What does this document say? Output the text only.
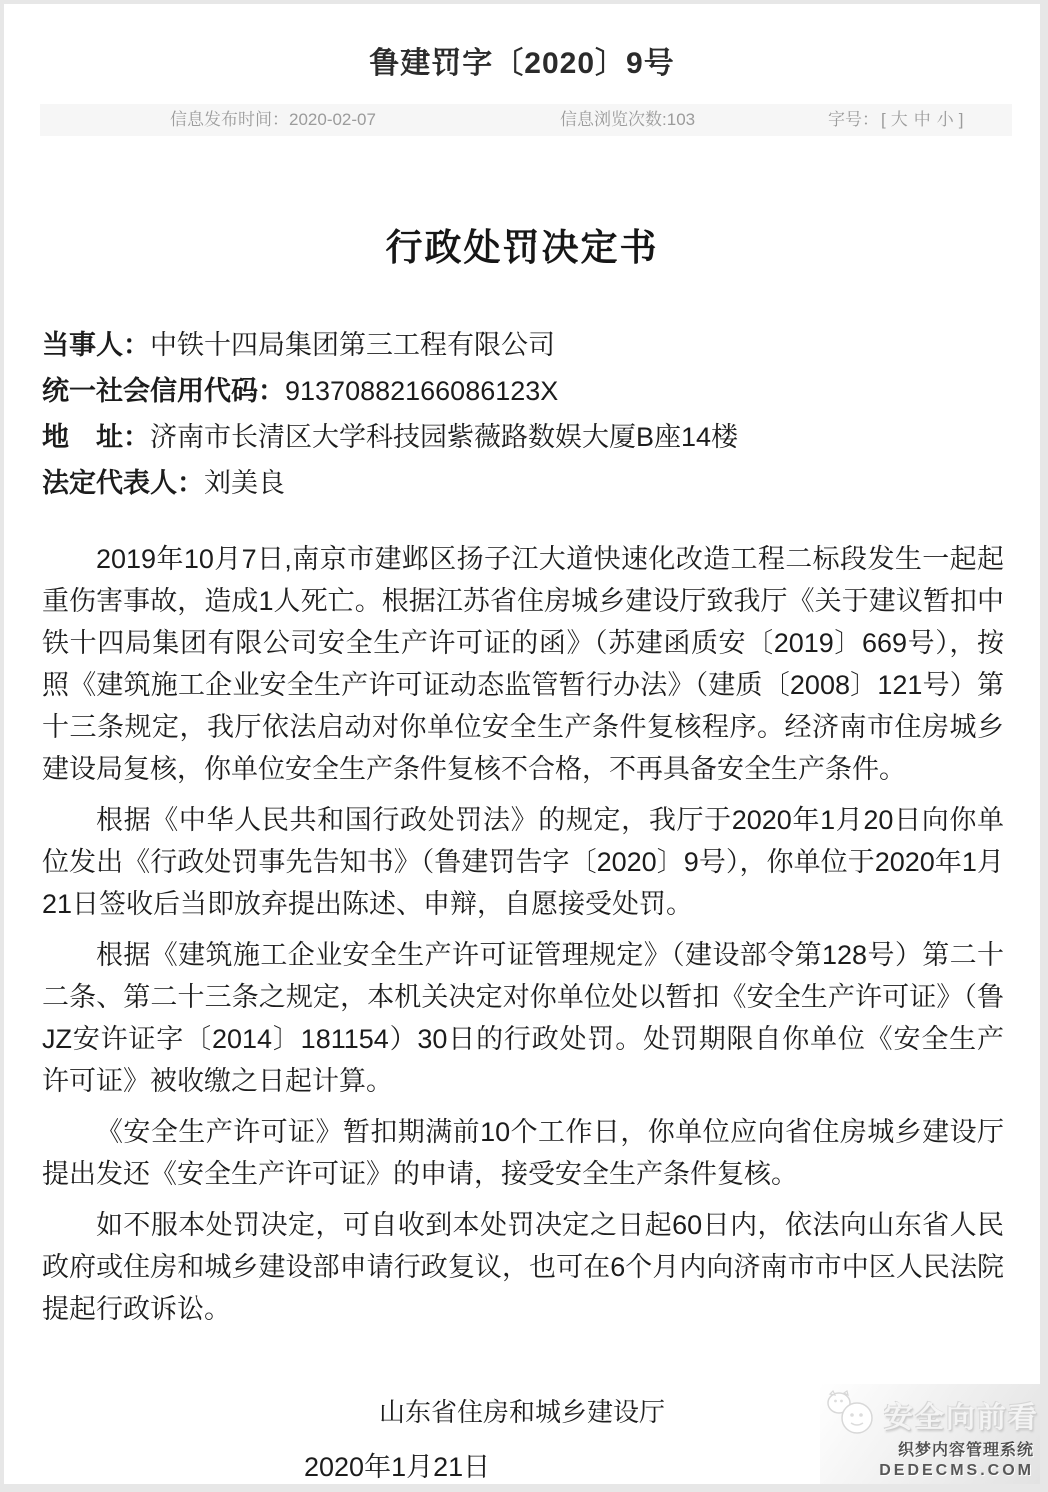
鲁建罚字〔2020〕9号
信息发布时间：2020-02-07	信息浏览次数:103	字号： [ 大 中 小 ]
行政处罚决定书
当事人：中铁十四局集团第三工程有限公司
统一社会信用代码：91370882166086123X
地　址：济南市长清区大学科技园紫薇路数娱大厦B座14楼
法定代表人：刘美良

2019年10月7日,南京市建邺区扬子江大道快速化改造工程二标段发生一起起重伤害事故，造成1人死亡。根据江苏省住房城乡建设厅致我厅《关于建议暂扣中铁十四局集团有限公司安全生产许可证的函》（苏建函质安〔2019〕669号），按照《建筑施工企业安全生产许可证动态监管暂行办法》（建质〔2008〕121号）第十三条规定，我厅依法启动对你单位安全生产条件复核程序。经济南市住房城乡建设局复核，你单位安全生产条件复核不合格，不再具备安全生产条件。

根据《中华人民共和国行政处罚法》的规定，我厅于2020年1月20日向你单位发出《行政处罚事先告知书》（鲁建罚告字〔2020〕9号），你单位于2020年1月21日签收后当即放弃提出陈述、申辩，自愿接受处罚。

根据《建筑施工企业安全生产许可证管理规定》（建设部令第128号）第二十二条、第二十三条之规定，本机关决定对你单位处以暂扣《安全生产许可证》（鲁JZ安许证字〔2014〕181154）30日的行政处罚。处罚期限自你单位《安全生产许可证》被收缴之日起计算。

《安全生产许可证》暂扣期满前10个工作日，你单位应向省住房城乡建设厅提出发还《安全生产许可证》的申请，接受安全生产条件复核。

如不服本处罚决定，可自收到本处罚决定之日起60日内，依法向山东省人民政府或住房和城乡建设部申请行政复议，也可在6个月内向济南市市中区人民法院提起行政诉讼。

山东省住房和城乡建设厅
2020年1月21日
安全向前看
织梦内容管理系统
DEDECMS.COM
